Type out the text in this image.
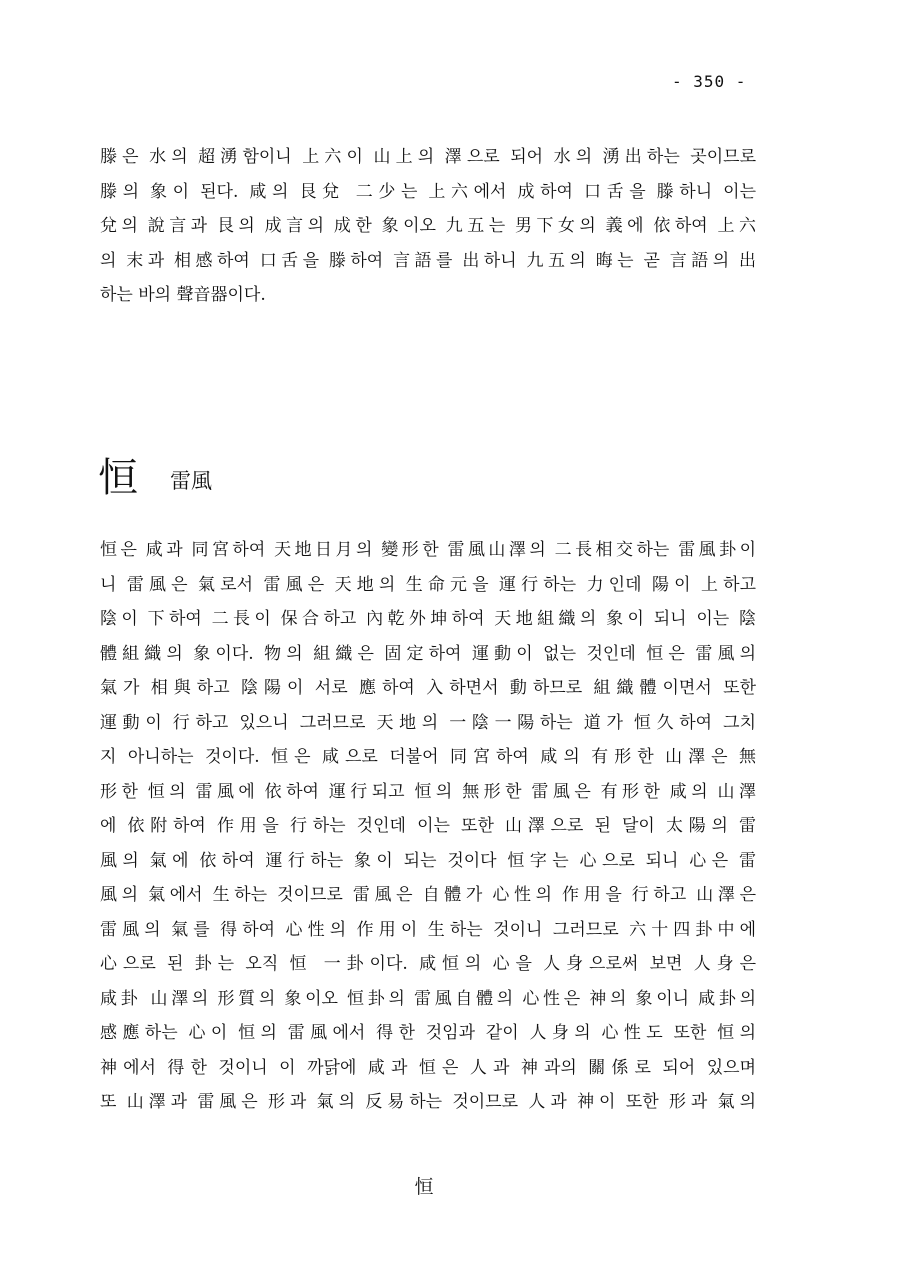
- 350 -
滕은 水의 超湧함이니 上六이 山上의 澤으로 되어 水의 湧出하는 곳이므로
滕의 象이 된다. 咸의 艮兌 二少는 上六에서 成하여 口舌을 滕하니 이는
兌의 說言과 艮의 成言의 成한 象이오 九五는 男下女의 義에 依하여 上六
의 末과 相感하여 口舌을 滕하여 言語를 出하니 九五의 晦는 곧 言語의 出
하는 바의 聲音器이다.
恒 雷風
恒은 咸과 同宮하여 天地日月의 變形한 雷風山澤의 二長相交하는 雷風卦이
니 雷風은 氣로서 雷風은 天地의 生命元을 運行하는 力인데 陽이 上하고
陰이 下하여 二長이 保合하고 內乾外坤하여 天地組織의 象이 되니 이는 陰
體組織의 象이다. 物의 組織은 固定하여 運動이 없는 것인데 恒은 雷風의
氣가 相與하고 陰陽이 서로 應하여 入하면서 動하므로 組織體이면서 또한
運動이 行하고 있으니 그러므로 天地의 一陰一陽하는 道가 恒久하여 그치
지 아니하는 것이다. 恒은 咸으로 더불어 同宮하여 咸의 有形한 山澤은 無
形한 恒의 雷風에 依하여 運行되고 恒의 無形한 雷風은 有形한 咸의 山澤
에 依附하여 作用을 行하는 것인데 이는 또한 山澤으로 된 달이 太陽의 雷
風의 氣에 依하여 運行하는 象이 되는 것이다 恒字는 心으로 되니 心은 雷
風의 氣에서 生하는 것이므로 雷風은 自體가 心性의 作用을 行하고 山澤은
雷風의 氣를 得하여 心性의 作用이 生하는 것이니 그러므로 六十四卦中에
心으로 된 卦는 오직 恒 一卦이다. 咸恒의 心을 人身으로써 보면 人身은
咸卦 山澤의 形質의 象이오 恒卦의 雷風自體의 心性은 神의 象이니 咸卦의
感應하는 心이 恒의 雷風에서 得한 것임과 같이 人身의 心性도 또한 恒의
神에서 得한 것이니 이 까닭에 咸과 恒은 人과 神과의 關係로 되어 있으며
또 山澤과 雷風은 形과 氣의 反易하는 것이므로 人과 神이 또한 形과 氣의
恒
